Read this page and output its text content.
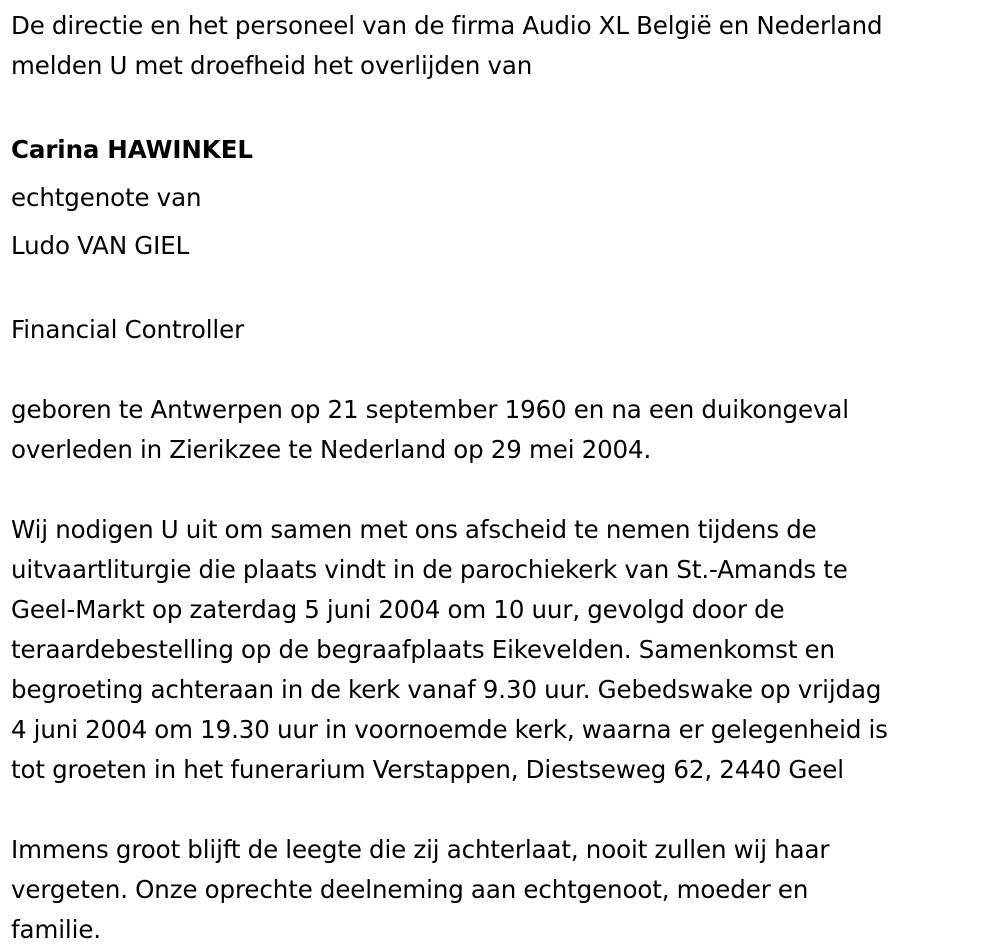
De directie en het personeel van de firma Audio XL België en Nederland
melden U met droefheid het overlijden van
Carina HAWINKEL
echtgenote van
Ludo VAN GIEL
Financial Controller
geboren te Antwerpen op 21 september 1960 en na een duikongeval
overleden in Zierikzee te Nederland op 29 mei 2004.
Wij nodigen U uit om samen met ons afscheid te nemen tijdens de
uitvaartliturgie die plaats vindt in de parochiekerk van St.-Amands te
Geel-Markt op zaterdag 5 juni 2004 om 10 uur, gevolgd door de
teraardebestelling op de begraafplaats Eikevelden. Samenkomst en
begroeting achteraan in de kerk vanaf 9.30 uur. Gebedswake op vrijdag
4 juni 2004 om 19.30 uur in voornoemde kerk, waarna er gelegenheid is
tot groeten in het funerarium Verstappen, Diestseweg 62, 2440 Geel
Immens groot blijft de leegte die zij achterlaat, nooit zullen wij haar
vergeten. Onze oprechte deelneming aan echtgenoot, moeder en
familie.
